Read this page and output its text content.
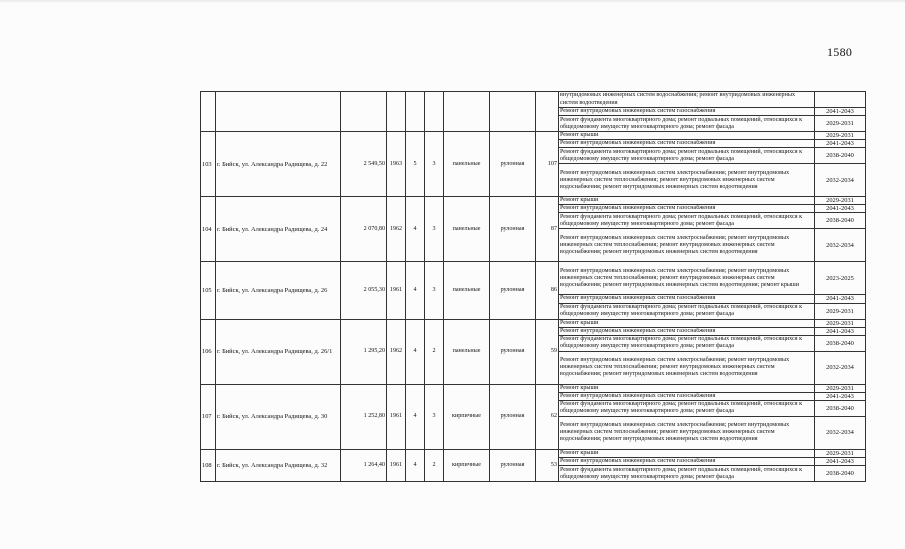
1580
									внутридомовых инженерных систем водоснабжения; ремонт внутридомовых инженерных систем водоотведения	
									Ремонт внутридомовых инженерных систем газоснабжения	2041-2043
									Ремонт фундамента многоквартирного дома; ремонт подвальных помещений, относящихся к общедомовому имуществу многоквартирного дома; ремонт фасада	2029-2031
103	г. Бийск, ул. Александра Радищева, д. 22	2 549,50	1963	5	3	панельные	рулонная	107	Ремонт крыши	2029-2031
									Ремонт внутридомовых инженерных систем газоснабжения	2041-2043
									Ремонт фундамента многоквартирного дома; ремонт подвальных помещений, относящихся к общедомовому имуществу многоквартирного дома; ремонт фасада	2038-2040
									Ремонт внутридомовых инженерных систем электроснабжения; ремонт внутридомовых инженерных систем теплоснабжения; ремонт внутридомовых инженерных систем водоснабжения; ремонт внутридомовых инженерных систем водоотведения	2032-2034
104	г. Бийск, ул. Александра Радищева, д. 24	2 070,80	1962	4	3	панельные	рулонная	87	Ремонт крыши	2029-2031
									Ремонт внутридомовых инженерных систем газоснабжения	2041-2043
									Ремонт фундамента многоквартирного дома; ремонт подвальных помещений, относящихся к общедомовому имуществу многоквартирного дома; ремонт фасада	2038-2040
									Ремонт внутридомовых инженерных систем электроснабжения; ремонт внутридомовых инженерных систем теплоснабжения; ремонт внутридомовых инженерных систем водоснабжения; ремонт внутридомовых инженерных систем водоотведения	2032-2034
105	г. Бийск, ул. Александра Радищева, д. 26	2 055,30	1961	4	3	панельные	рулонная	86	Ремонт внутридомовых инженерных систем электроснабжения; ремонт внутридомовых инженерных систем теплоснабжения; ремонт внутридомовых инженерных систем водоснабжения; ремонт внутридомовых инженерных систем водоотведения; ремонт крыши	2023-2025
									Ремонт внутридомовых инженерных систем газоснабжения	2041-2043
									Ремонт фундамента многоквартирного дома; ремонт подвальных помещений, относящихся к общедомовому имуществу многоквартирного дома; ремонт фасада	2029-2031
106	г. Бийск, ул. Александра Радищева, д. 26/1	1 295,20	1962	4	2	панельные	рулонная	59	Ремонт крыши	2029-2031
									Ремонт внутридомовых инженерных систем газоснабжения	2041-2043
									Ремонт фундамента многоквартирного дома; ремонт подвальных помещений, относящихся к общедомовому имуществу многоквартирного дома; ремонт фасада	2038-2040
									Ремонт внутридомовых инженерных систем электроснабжения; ремонт внутридомовых инженерных систем теплоснабжения; ремонт внутридомовых инженерных систем водоснабжения; ремонт внутридомовых инженерных систем водоотведения	2032-2034
107	г. Бийск, ул. Александра Радищева, д. 30	1 252,80	1961	4	3	кирпичные	рулонная	62	Ремонт крыши	2029-2031
									Ремонт внутридомовых инженерных систем газоснабжения	2041-2043
									Ремонт фундамента многоквартирного дома; ремонт подвальных помещений, относящихся к общедомовому имуществу многоквартирного дома; ремонт фасада	2038-2040
									Ремонт внутридомовых инженерных систем электроснабжения; ремонт внутридомовых инженерных систем теплоснабжения; ремонт внутридомовых инженерных систем водоснабжения; ремонт внутридомовых инженерных систем водоотведения	2032-2034
108	г. Бийск, ул. Александра Радищева, д. 32	1 264,40	1961	4	2	кирпичные	рулонная	53	Ремонт крыши	2029-2031
									Ремонт внутридомовых инженерных систем газоснабжения	2041-2043
									Ремонт фундамента многоквартирного дома; ремонт подвальных помещений, относящихся к общедомовому имуществу многоквартирного дома; ремонт фасада	2038-2040
